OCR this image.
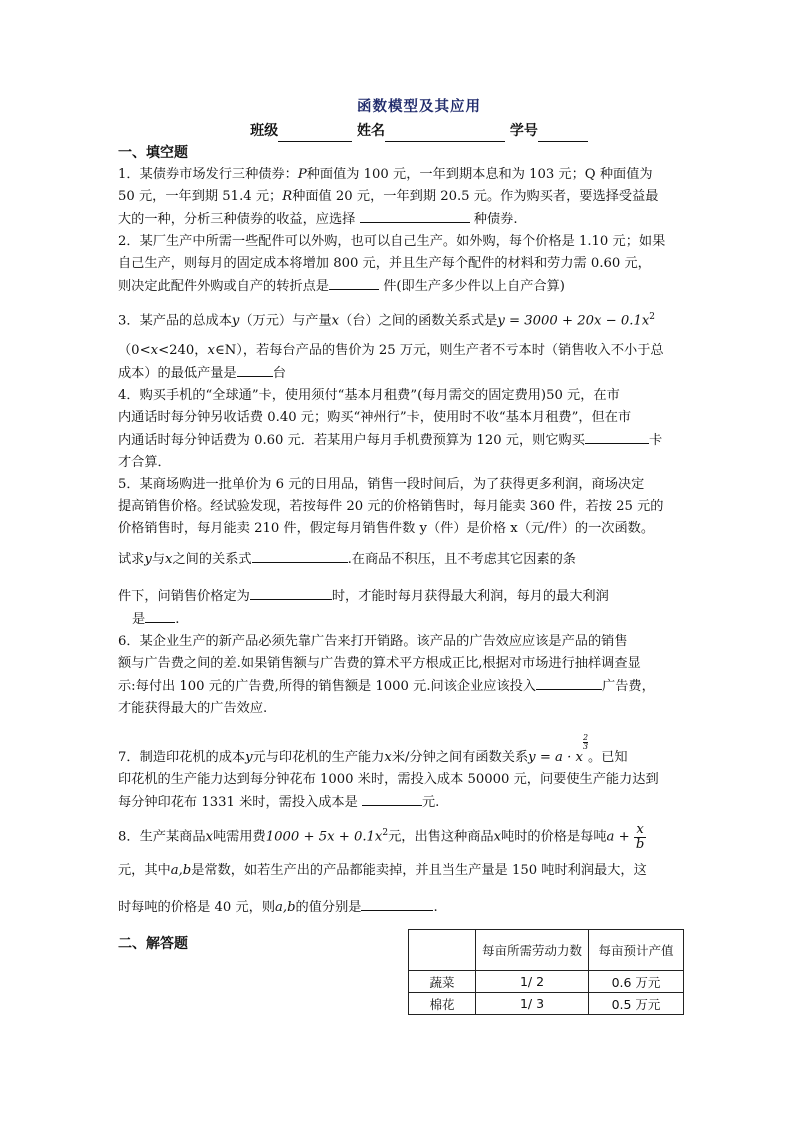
函数模型及其应用
班级	姓名	学号
一、填空题

1．某债券市场发行三种债券：P种面值为 100 元，一年到期本息和为 103 元；Q 种面值为
50 元，一年到期 51.4 元；R种面值 20 元，一年到期 20.5 元。作为购买者，要选择受益最
大的一种，分析三种债券的收益，应选择	种债券.

2．某厂生产中所需一些配件可以外购，也可以自己生产。如外购，每个价格是 1.10 元；如果
自己生产，则每月的固定成本将增加 800 元，并且生产每个配件的材料和劳力需 0.60 元，
则决定此配件外购或自产的转折点是	件(即生产多少件以上自产合算)

3．某产品的总成本y（万元）与产量x（台）之间的函数关系式是$y = 3000 + 20x - 0.1x^2$

（0<x<240，x∈N），若每台产品的售价为 25 万元，则生产者不亏本时（销售收入不小于总
成本）的最低产量是	台

4．购买手机的“全球通”卡，使用须付“基本月租费”(每月需交的固定费用)50 元，在市
内通话时每分钟另收话费 0.40 元；购买“神州行”卡，使用时不收“基本月租费”，但在市
内通话时每分钟话费为 0.60 元．若某用户每月手机费预算为 120 元，则它购买	卡
才合算．

5．某商场购进一批单价为 6 元的日用品，销售一段时间后，为了获得更多利润，商场决定
提高销售价格。经试验发现，若按每件 20 元的价格销售时，每月能卖 360 件，若按 25 元的
价格销售时，每月能卖 210 件，假定每月销售件数 y（件）是价格 x（元/件）的一次函数。

试求y与x之间的关系式	.在商品不积压，且不考虑其它因素的条

件下，问销售价格定为	时，才能时每月获得最大利润，每月的最大利润
是 .

6．某企业生产的新产品必须先靠广告来打开销路。该产品的广告效应应该是产品的销售
额与广告费之间的差.如果销售额与广告费的算术平方根成正比,根据对市场进行抽样调查显
示:每付出 100 元的广告费,所得的销售额是 1000 元.问该企业应该投入	广告费，
才能获得最大的广告效应.

7．制造印花机的成本y元与印花机的生产能力x米/分钟之间有函数关系y = a · x
$^{\frac{2}{3}}$
。已知
印花机的生产能力达到每分钟花布 1000 米时，需投入成本 50000 元，问要使生产能力达到
每分钟印花布 1331 米时，需投入成本是	元.

8．生产某商品x吨需用费$1000 + 5x + 0.1x^2$元，出售这种商品x吨时的价格是每吨$a + \frac{x}{b}$

元，其中a,b是常数，如若生产出的产品都能卖掉，并且当生产量是 150 吨时利润最大，这

时每吨的价格是 40 元，则a,b的值分别是	.

二、解答题
		每亩所需劳动力数	每亩预计产值
蔬菜	1/ 2	0.6 万元
棉花	1/ 3	0.5 万元
